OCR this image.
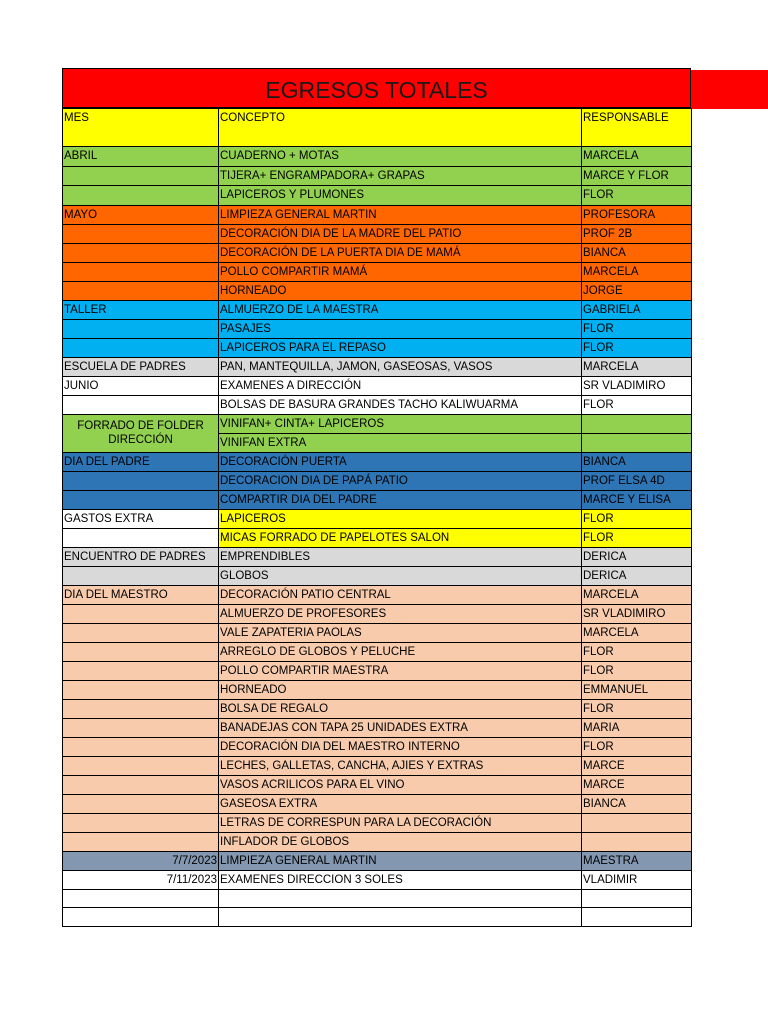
EGRESOS TOTALES
MES	CONCEPTO	RESPONSABLE
ABRIL	CUADERNO + MOTAS	MARCELA
	TIJERA+ ENGRAMPADORA+ GRAPAS	MARCE Y FLOR
	LAPICEROS Y PLUMONES	FLOR
MAYO	LIMPIEZA GENERAL MARTIN	PROFESORA
	DECORACIÓN DIA DE LA MADRE DEL PATIO	PROF 2B
	DECORACIÓN DE LA PUERTA DIA DE MAMÁ	BIANCA
	POLLO COMPARTIR MAMÁ	MARCELA
	HORNEADO	JORGE
TALLER	ALMUERZO DE LA MAESTRA	GABRIELA
	PASAJES	FLOR
	LAPICEROS PARA EL REPASO	FLOR
ESCUELA DE PADRES	PAN, MANTEQUILLA, JAMON, GASEOSAS, VASOS	MARCELA
JUNIO	EXAMENES A DIRECCIÓN	SR VLADIMIRO
	BOLSAS DE BASURA GRANDES TACHO KALIWUARMA	FLOR
FORRADO DE FOLDER DIRECCIÓN	VINIFAN+ CINTA+ LAPICEROS	
	VINIFAN EXTRA	
DIA DEL PADRE	DECORACIÓN PUERTA	BIANCA
	DECORACION DIA DE PAPÁ PATIO	PROF ELSA 4D
	COMPARTIR DIA DEL PADRE	MARCE Y ELISA
GASTOS EXTRA	LAPICEROS	FLOR
	MICAS FORRADO DE PAPELOTES SALON	FLOR
ENCUENTRO DE PADRES	EMPRENDIBLES	DERICA
	GLOBOS	DERICA
DIA DEL MAESTRO	DECORACIÓN PATIO CENTRAL	MARCELA
	ALMUERZO DE PROFESORES	SR VLADIMIRO
	VALE ZAPATERIA PAOLAS	MARCELA
	ARREGLO DE GLOBOS Y PELUCHE	FLOR
	POLLO COMPARTIR MAESTRA	FLOR
	HORNEADO	EMMANUEL
	BOLSA DE REGALO	FLOR
	BANADEJAS CON TAPA 25 UNIDADES EXTRA	MARIA
	DECORACIÓN DIA DEL MAESTRO INTERNO	FLOR
	LECHES, GALLETAS, CANCHA, AJIES Y EXTRAS	MARCE
	VASOS ACRILICOS PARA EL VINO	MARCE
	GASEOSA EXTRA	BIANCA
	LETRAS DE CORRESPUN PARA LA DECORACIÓN	
	INFLADOR DE GLOBOS	
7/7/2023	LIMPIEZA GENERAL MARTIN	MAESTRA
7/11/2023	EXAMENES DIRECCION 3 SOLES	VLADIMIR
